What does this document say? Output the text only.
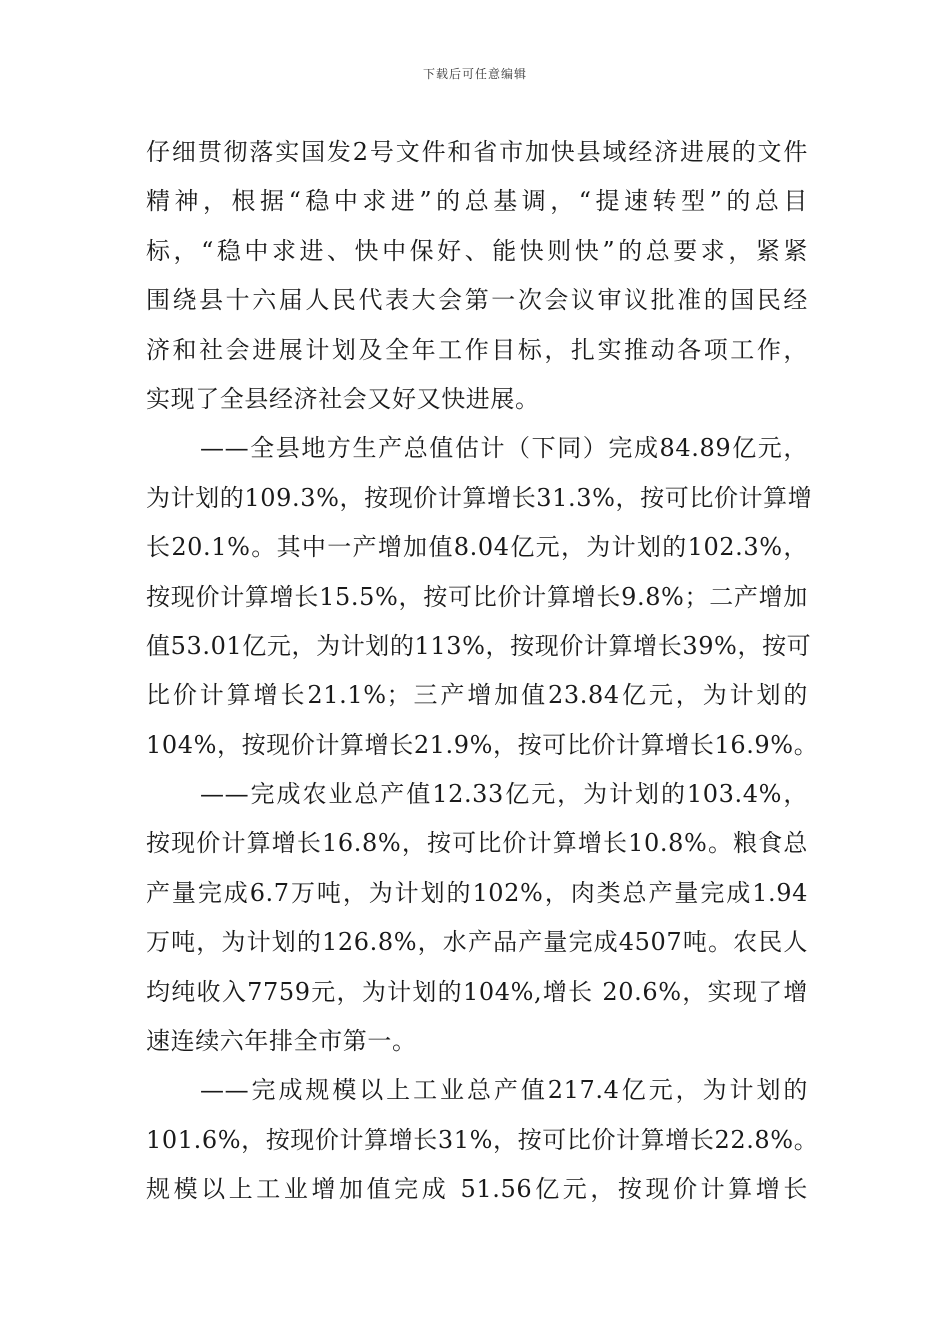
下载后可任意编辑
仔细贯彻落实国发2号文件和省市加快县域经济进展的文件
精神，根据“稳中求进”的总基调，“提速转型”的总目
标，“稳中求进、快中保好、能快则快”的总要求，紧紧
围绕县十六届人民代表大会第一次会议审议批准的国民经
济和社会进展计划及全年工作目标，扎实推动各项工作，
实现了全县经济社会又好又快进展。
——全县地方生产总值估计（下同）完成84.89亿元，
为计划的109.3%，按现价计算增长31.3%，按可比价计算增
长20.1%。其中一产增加值8.04亿元，为计划的102.3%，
按现价计算增长15.5%，按可比价计算增长9.8%；二产增加
值53.01亿元，为计划的113%，按现价计算增长39%，按可
比价计算增长21.1%；三产增加值23.84亿元，为计划的
104%，按现价计算增长21.9%，按可比价计算增长16.9%。
——完成农业总产值12.33亿元，为计划的103.4%，
按现价计算增长16.8%，按可比价计算增长10.8%。粮食总
产量完成6.7万吨，为计划的102%，肉类总产量完成1.94
万吨，为计划的126.8%，水产品产量完成4507吨。农民人
均纯收入7759元，为计划的104%,增长 20.6%，实现了增
速连续六年排全市第一。
——完成规模以上工业总产值217.4亿元，为计划的
101.6%，按现价计算增长31%，按可比价计算增长22.8%。
规模以上工业增加值完成 51.56亿元，按现价计算增长
